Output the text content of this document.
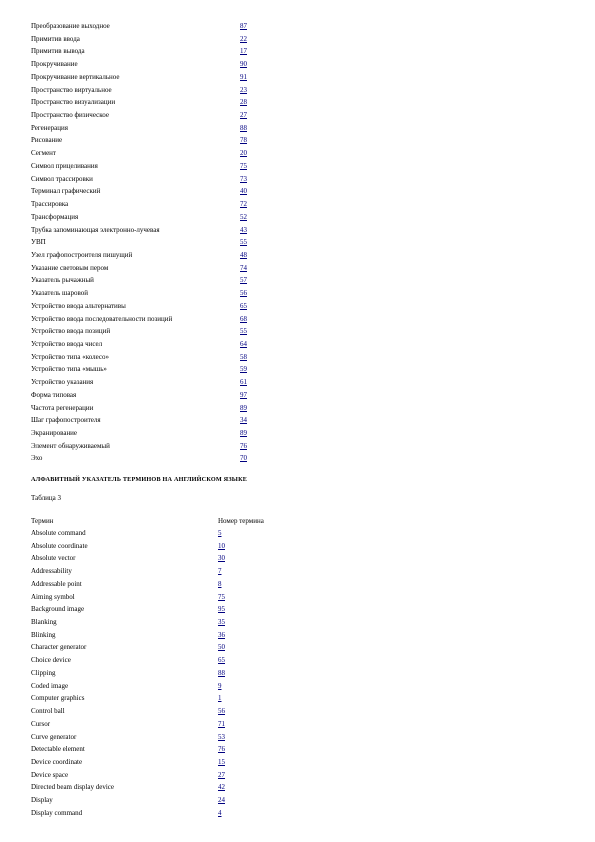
Преобразование выходное	87
Примитив ввода	22
Примитив вывода	17
Прокручивание	90
Прокручивание вертикальное	91
Пространство виртуальное	23
Пространство визуализации	28
Пространство физическое	27
Регенерация	88
Рисование	78
Сегмент	20
Символ прицеливания	75
Символ трассировки	73
Терминал графический	40
Трассировка	72
Трансформация	52
Трубка запоминающая электронно-лучевая	43
УВП	55
Узел графопостроителя пишущий	48
Указание световым пером	74
Указатель рычажный	57
Указатель шаровой	56
Устройство ввода альтернативы	65
Устройство ввода последовательности позиций	68
Устройство ввода позиций	55
Устройство ввода чисел	64
Устройство типа «колесо»	58
Устройство типа «мышь»	59
Устройство указания	61
Форма типовая	97
Частота регенерации	89
Шаг графопостроителя	34
Экранирование	89
Элемент обнаруживаемый	76
Эхо	70
АЛФАВИТНЫЙ УКАЗАТЕЛЬ ТЕРМИНОВ НА АНГЛИЙСКОМ ЯЗЫКЕ
Таблица 3
Термин	Номер термина
Absolute command	5
Absolute coordinate	10
Absolute vector	30
Addressability	7
Addressable point	8
Aiming symbol	75
Background image	95
Blanking	35
Blinking	36
Character generator	50
Choice device	65
Clipping	88
Coded image	9
Computer graphics	1
Control ball	56
Cursor	71
Curve generator	53
Detectable element	76
Device coordinate	15
Device space	27
Directed beam display device	42
Display	24
Display command	4
